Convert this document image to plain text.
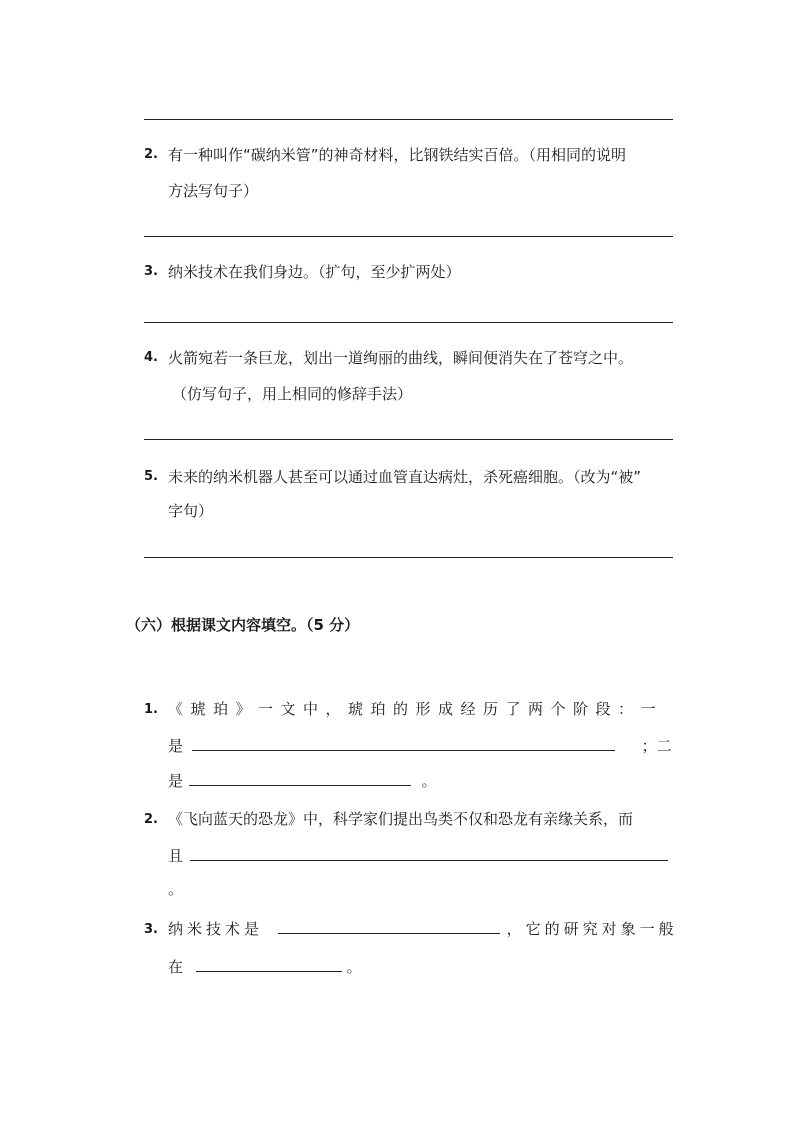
2. 有一种叫作“碳纳米管”的神奇材料，比钢铁结实百倍。（用相同的说明
方法写句子）
3. 纳米技术在我们身边。（扩句，至少扩两处）
4. 火箭宛若一条巨龙，划出一道绚丽的曲线，瞬间便消失在了苍穹之中。
（仿写句子，用上相同的修辞手法）
5. 未来的纳米机器人甚至可以通过血管直达病灶，杀死癌细胞。（改为“被”
字句）
（六）根据课文内容填空。（5 分）
1. 《琥珀》一文中，琥珀的形成经历了两个阶段：一
是	；二
是	。
2. 《飞向蓝天的恐龙》中，科学家们提出鸟类不仅和恐龙有亲缘关系，而
且
。
3. 纳米技术是	，它的研究对象一般
在	。
